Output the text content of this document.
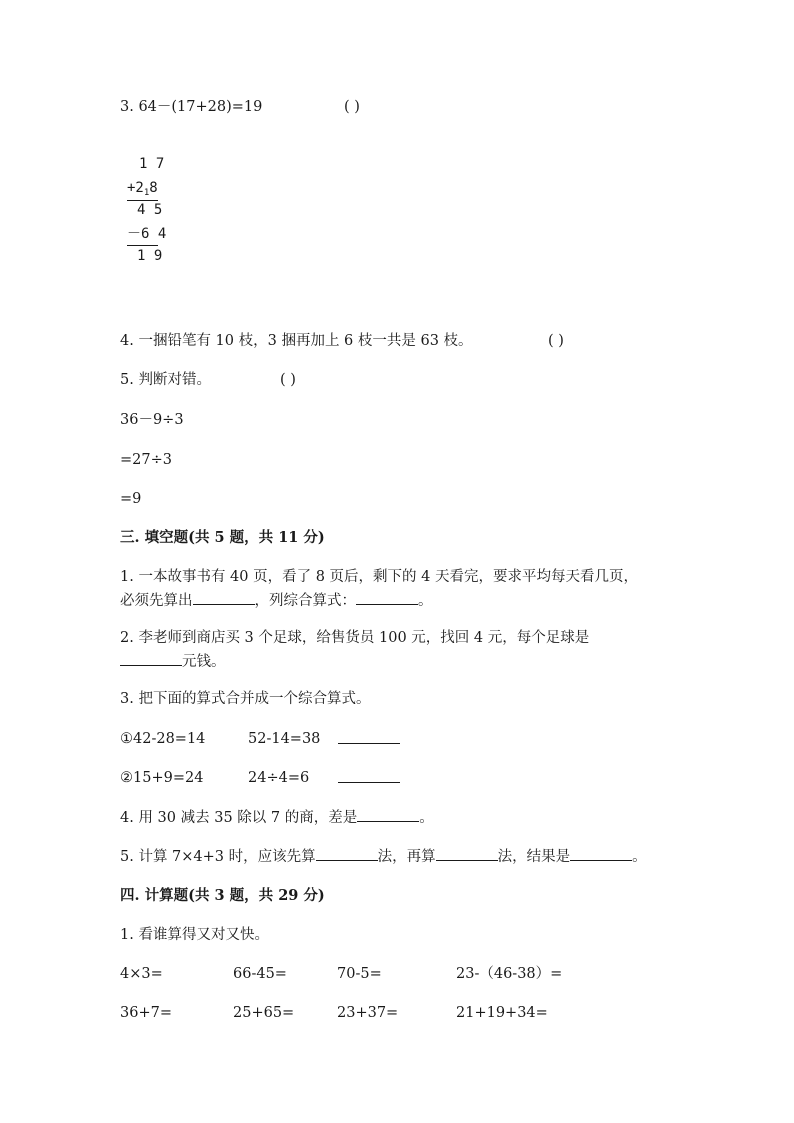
3. 64－(17+28)=19	( )
1 7
$+2_18$
4 5
－6 4
1 9
4. 一捆铅笔有 10 枝，3 捆再加上 6 枝一共是 63 枝。	( )
5. 判断对错。	( )
36－9÷3
=27÷3
=9
三. 填空题(共 5 题，共 11 分)
1. 一本故事书有 40 页，看了 8 页后，剩下的 4 天看完，要求平均每天看几页，
必须先算出	，列综合算式：	。
2. 李老师到商店买 3 个足球，给售货员 100 元，找回 4 元，每个足球是
元钱。
3. 把下面的算式合并成一个综合算式。
①42-28=14	52-14=38
②15+9=24	24÷4=6
4. 用 30 减去 35 除以 7 的商，差是	。
5. 计算 7×4+3 时，应该先算	法，再算	法，结果是	。
四. 计算题(共 3 题，共 29 分)
1. 看谁算得又对又快。
4×3=	66-45=	70-5=	23-（46-38）=
36+7=	25+65=	23+37=	21+19+34=
